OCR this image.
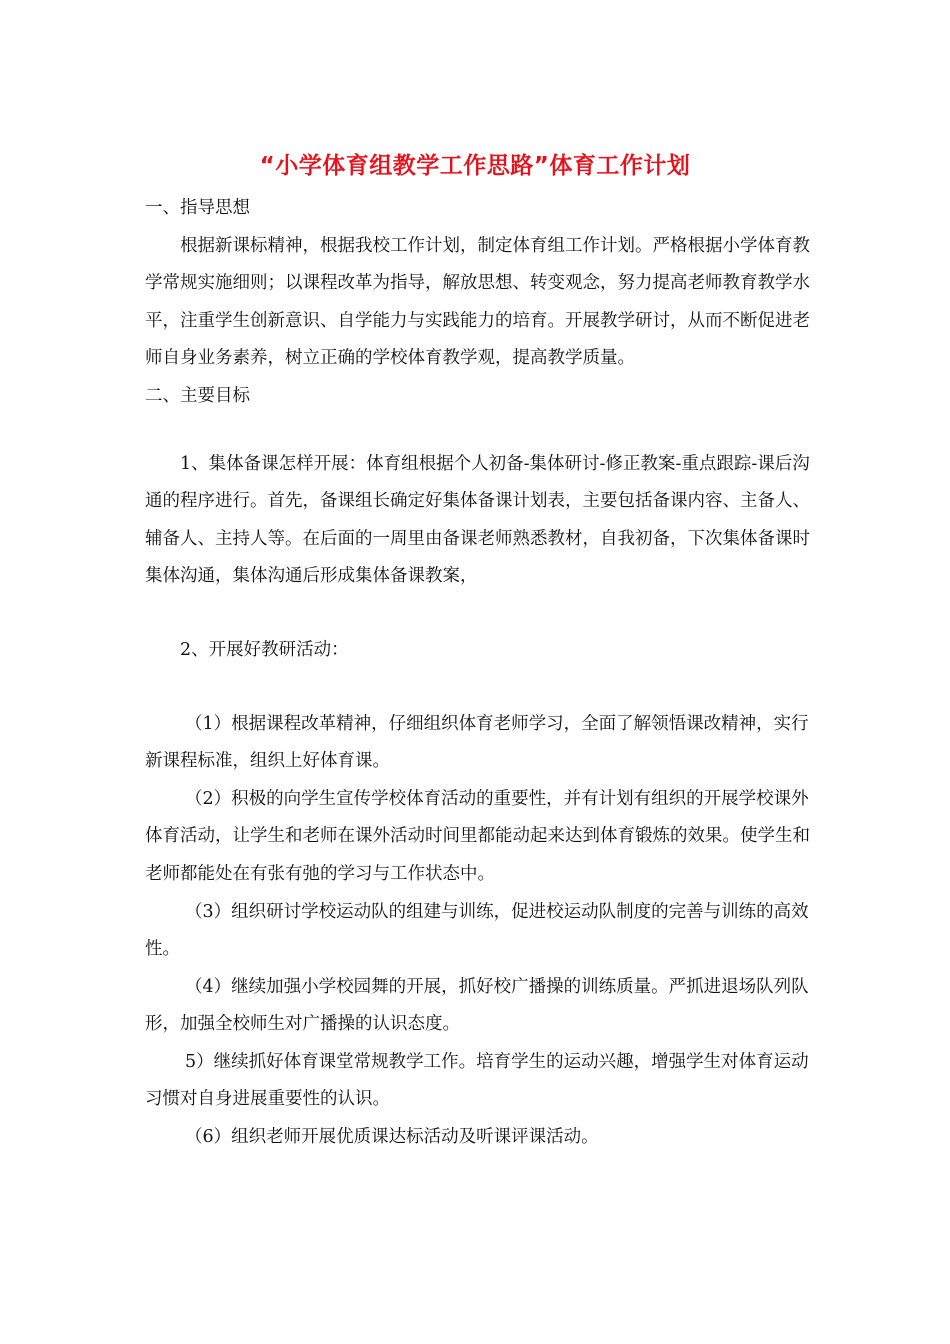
“小学体育组教学工作思路”体育工作计划

一、指导思想

根据新课标精神，根据我校工作计划，制定体育组工作计划。严格根据小学体育教学常规实施细则；以课程改革为指导，解放思想、转变观念，努力提高老师教育教学水平，注重学生创新意识、自学能力与实践能力的培育。开展教学研讨，从而不断促进老师自身业务素养，树立正确的学校体育教学观，提高教学质量。

二、主要目标

1、集体备课怎样开展：体育组根据个人初备-集体研讨-修正教案-重点跟踪-课后沟通的程序进行。首先，备课组长确定好集体备课计划表，主要包括备课内容、主备人、辅备人、主持人等。在后面的一周里由备课老师熟悉教材，自我初备，下次集体备课时集体沟通，集体沟通后形成集体备课教案，

2、开展好教研活动：

（1）根据课程改革精神，仔细组织体育老师学习，全面了解领悟课改精神，实行新课程标准，组织上好体育课。

（2）积极的向学生宣传学校体育活动的重要性，并有计划有组织的开展学校课外体育活动，让学生和老师在课外活动时间里都能动起来达到体育锻炼的效果。使学生和老师都能处在有张有弛的学习与工作状态中。

（3）组织研讨学校运动队的组建与训练，促进校运动队制度的完善与训练的高效性。

（4）继续加强小学校园舞的开展，抓好校广播操的训练质量。严抓进退场队列队形，加强全校师生对广播操的认识态度。

5）继续抓好体育课堂常规教学工作。培育学生的运动兴趣，增强学生对体育运动习惯对自身进展重要性的认识。

（6）组织老师开展优质课达标活动及听课评课活动。
